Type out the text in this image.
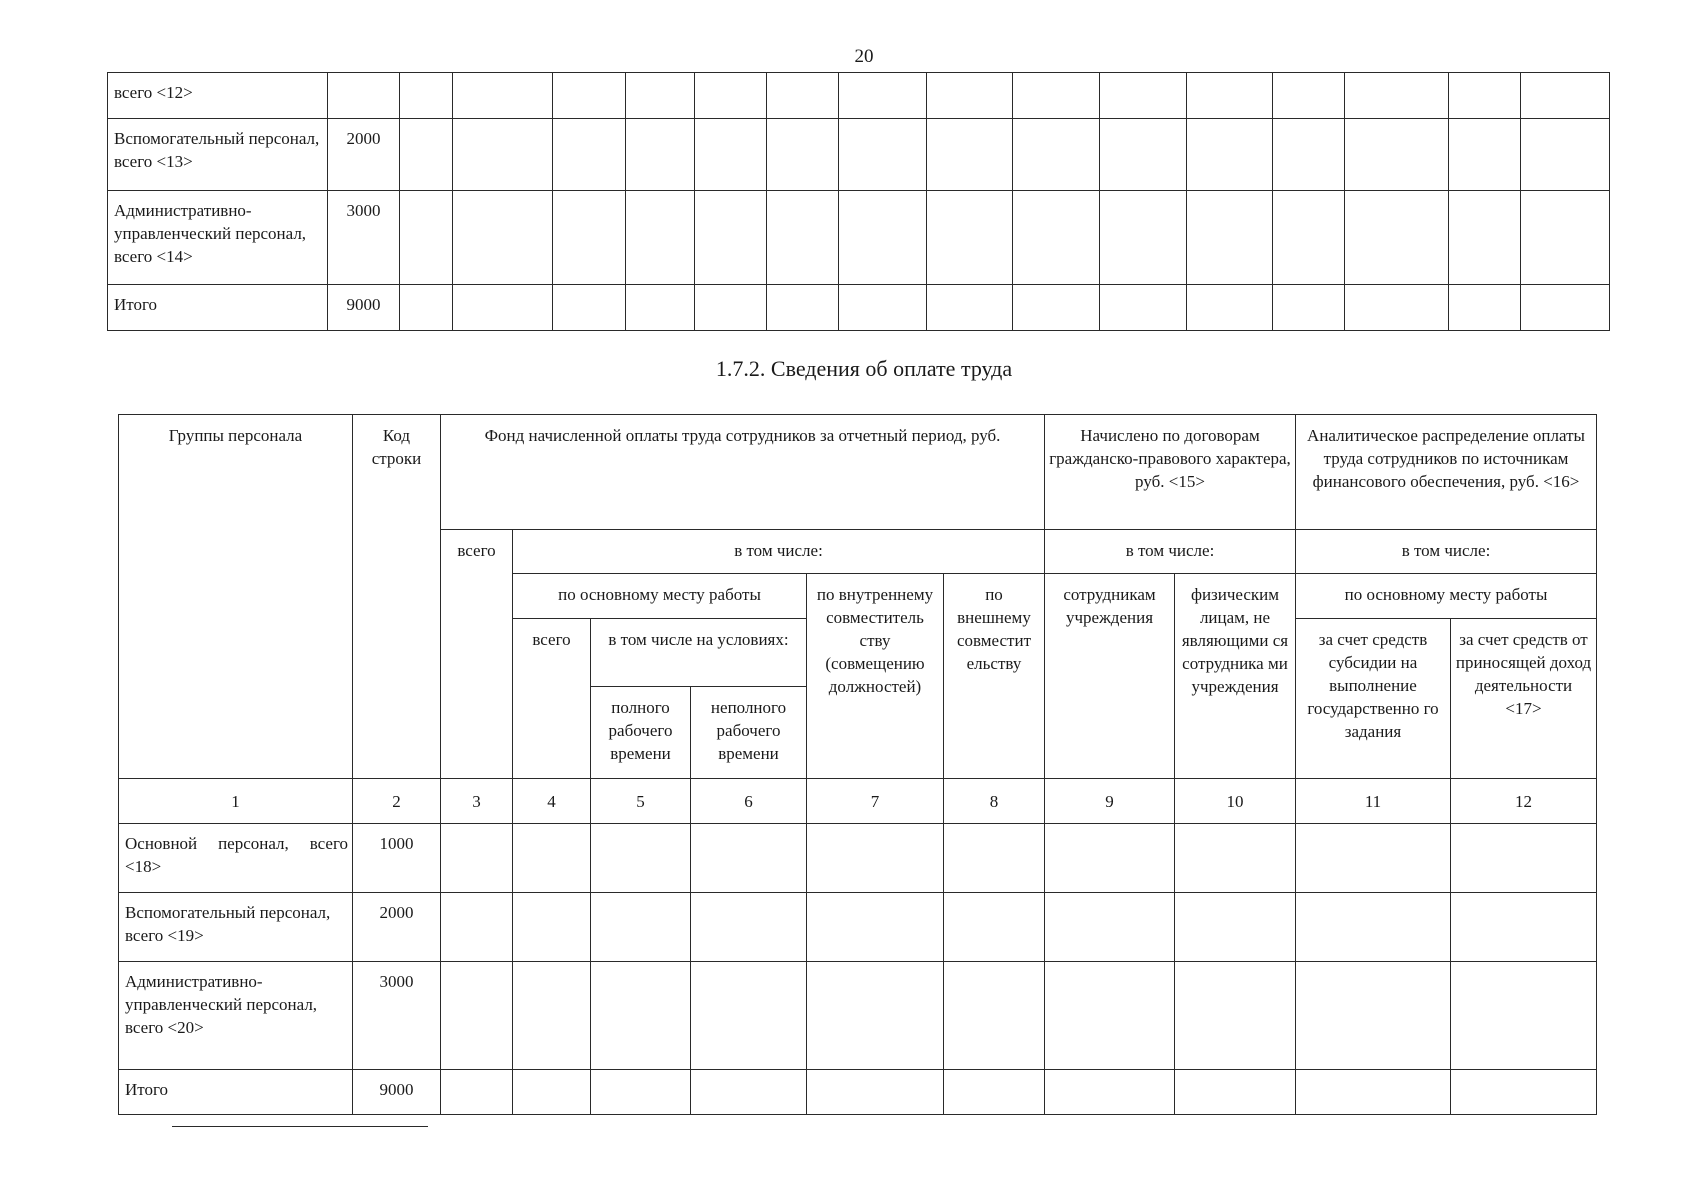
20
всего <12>																
Вспомогательный персонал, всего <13>	2000															
Административно-управленческий персонал, всего <14>	3000															
Итого	9000															
1.7.2. Сведения об оплате труда
Группы персонала	Код строки	Фонд начисленной оплаты труда сотрудников за отчетный период, руб.						Начислено по договорам гражданско-правового характера, руб. <15>		Аналитическое распределение оплаты труда сотрудников по источникам финансового обеспечения, руб. <16>	
		всего	в том числе:					в том числе:		в том числе:	
			по основному месту работы			по внутреннему совместитель ству (совмещению должностей)	по внешнему совместит ельству	сотрудникам учреждения	физическим лицам, не являющими ся сотрудника ми учреждения	по основному месту работы	
			всего	в том числе на условиях:						за счет средств субсидии на выполнение государственно го задания	за счет средств от приносящей доход деятельности <17>
				полного рабочего времени	неполного рабочего времени						
1	2	3	4	5	6	7	8	9	10	11	12
Основной персонал, всего <18>	1000										
Вспомогательный персонал, всего <19>	2000										
Административно-управленческий персонал, всего <20>	3000										
Итого	9000										
